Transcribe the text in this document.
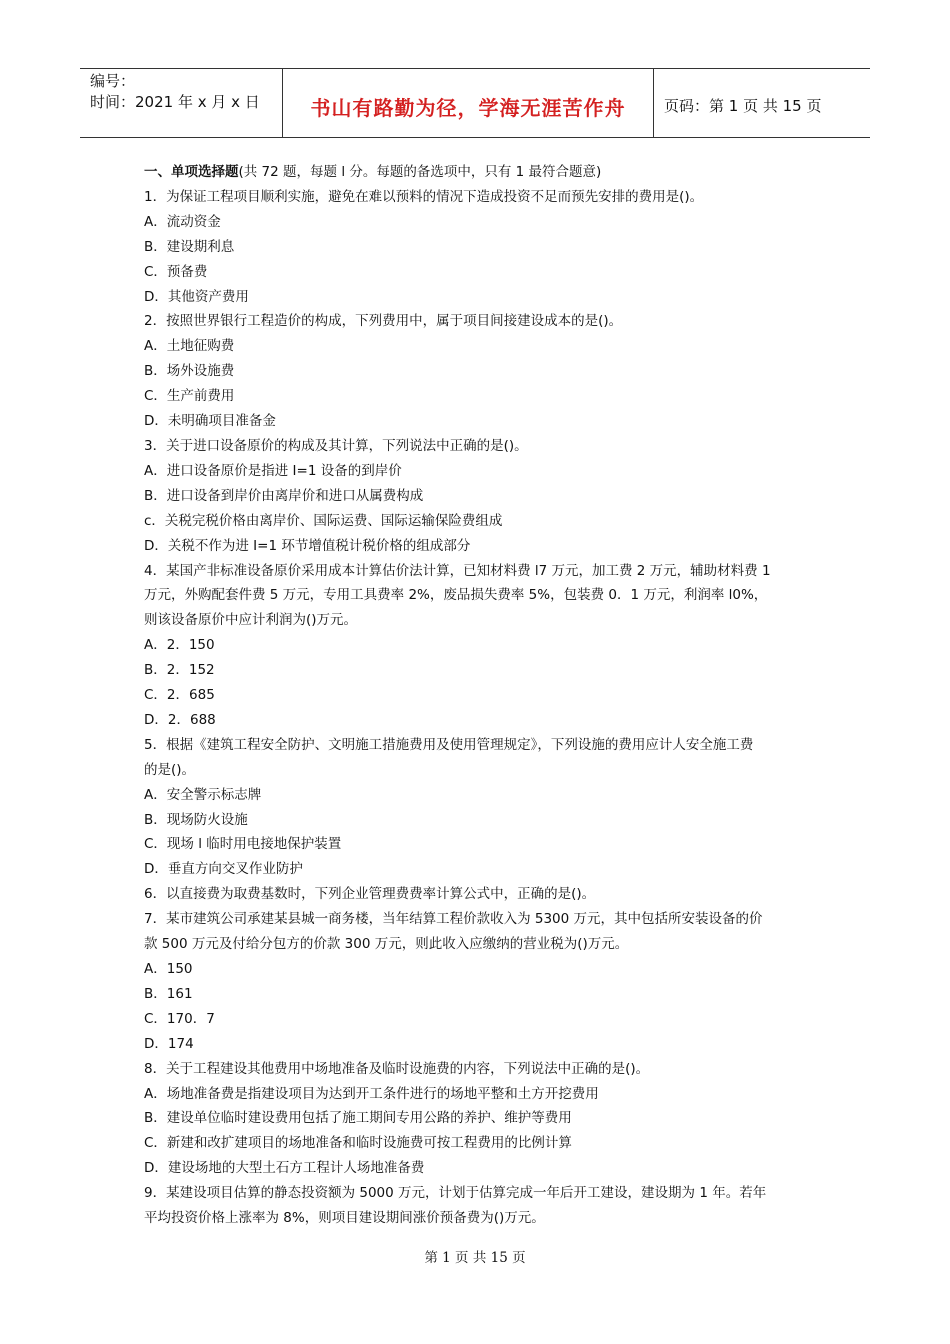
编号：
时间：2021 年 x 月 x 日	书山有路勤为径，学海无涯苦作舟	页码：第 1 页 共 15 页
一、单项选择题(共 72 题，每题 l 分。每题的备选项中，只有 1 最符合题意)
1．为保证工程项目顺利实施，避免在难以预料的情况下造成投资不足而预先安排的费用是()。
A．流动资金
B．建设期利息
C．预备费
D．其他资产费用
2．按照世界银行工程造价的构成，下列费用中，属于项目间接建设成本的是()。
A．土地征购费
B．场外设施费
C．生产前费用
D．未明确项目准备金
3．关于进口设备原价的构成及其计算，下列说法中正确的是()。
A．进口设备原价是指进 I=1 设备的到岸价
B．进口设备到岸价由离岸价和进口从属费构成
c．关税完税价格由离岸价、国际运费、国际运输保险费组成
D．关税不作为进 I=1 环节增值税计税价格的组成部分
4．某国产非标准设备原价采用成本计算估价法计算，已知材料费 l7 万元，加工费 2 万元，辅助材料费 1
万元，外购配套件费 5 万元，专用工具费率 2%，废品损失费率 5%，包装费 0．1 万元，利润率 l0%，
则该设备原价中应计利润为()万元。
A．2．150
B．2．152
C．2．685
D．2．688
5．根据《建筑工程安全防护、文明施工措施费用及使用管理规定》，下列设施的费用应计人安全施工费
的是()。
A．安全警示标志牌
B．现场防火设施
C．现场 l 临时用电接地保护装置
D．垂直方向交叉作业防护
6．以直接费为取费基数时，下列企业管理费费率计算公式中，正确的是()。
7．某市建筑公司承建某县城一商务楼，当年结算工程价款收入为 5300 万元，其中包括所安装设备的价
款 500 万元及付给分包方的价款 300 万元，则此收入应缴纳的营业税为()万元。
A．150
B．161
C．170．7
D．174
8．关于工程建设其他费用中场地准备及临时设施费的内容，下列说法中正确的是()。
A．场地准备费是指建设项目为达到开工条件进行的场地平整和土方开挖费用
B．建设单位临时建设费用包括了施工期间专用公路的养护、维护等费用
C．新建和改扩建项目的场地准备和临时设施费可按工程费用的比例计算
D．建设场地的大型土石方工程计人场地准备费
9．某建设项目估算的静态投资额为 5000 万元，计划于估算完成一年后开工建设，建设期为 1 年。若年
平均投资价格上涨率为 8%，则项目建设期间涨价预备费为()万元。
第 1 页 共 15 页
